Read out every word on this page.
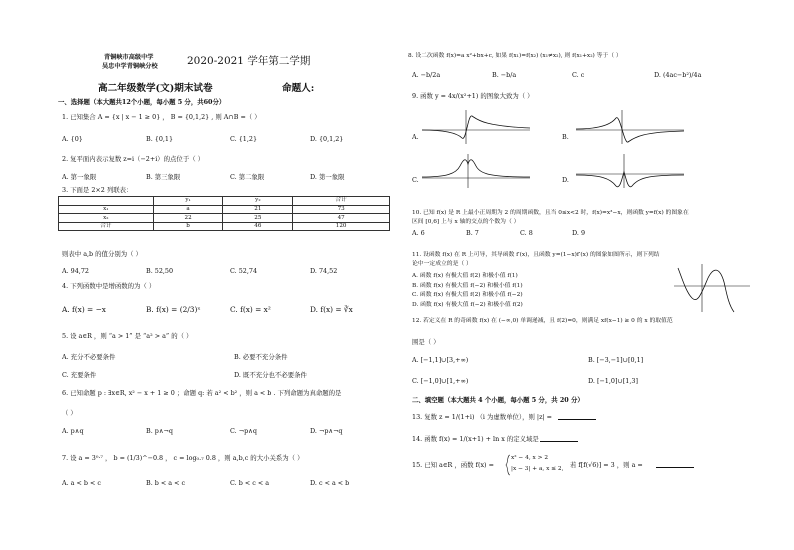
青铜峡市高级中学
吴忠中学青铜峡分校	2020-2021 学年第二学期
高二年级数学(文)期末试卷	命题人:
一、选择题（本大题共12个小题，每小题 5 分，共60分）
1. 已知集合 A = {x | x − 1 ≥ 0} ， B = {0,1,2} , 则 A∩B =（ ）
A. {0}	B. {0,1}	C. {1,2}	D. {0,1,2}
2. 复平面内表示复数 z=i（−2+i）的点位于（ ）
A. 第一象限	B. 第三象限	C. 第二象限	D. 第一象限
3. 下面是 2×2 列联表：
	y₁	y₂	合计
x₁	a	21	73
x₂	22	25	47
合计	b	46	120
则表中 a,b 的值分别为（ ）
A. 94,72	B. 52,50	C. 52,74	D. 74,52
4. 下列函数中是增函数的为（ ）
A. f(x) = −x	B. f(x) = (2/3)ˣ	C. f(x) = x²	D. f(x) = ∛x
5. 设 a∈R ，则 “a > 1” 是 “a² > a” 的（ ）
A. 充分不必要条件	B. 必要不充分条件
C. 充要条件	D. 既不充分也不必要条件
6. 已知命题 p : ∃x∈R, x² − x + 1 ≥ 0 ；命题 q: 若 a² < b² ，则 a < b . 下列命题为真命题的是
（ ）
A. p∧q	B. p∧¬q	C. ¬p∧q	D. ¬p∧¬q
7. 设 a = 3⁰·⁷ ， b = (1/3)^−0.8 ， c = log₀.₇ 0.8 ，则 a,b,c 的大小关系为（ ）
A. a < b < c	B. b < a < c	C. b < c < a	D. c < a < b
8. 设二次函数 f(x)=a x²+bx+c, 如果 f(x₁)=f(x₂) (x₁≠x₂), 则 f(x₁+x₂) 等于（ ）
A. −b/2a	B. −b/a	C. c	D. (4ac−b²)/4a
9. 函数 y = 4x/(x²+1) 的图象大致为（ ）
A.	B.
C.	D.
10. 已知 f(x) 是 R 上最小正周期为 2 的周期函数，且当 0≤x<2 时，f(x)=x³−x，则函数 y=f(x) 的图象在
区间 [0,6] 上与 x 轴的交点的个数为（ ）
A. 6	B. 7	C. 8	D. 9
11. 设函数 f(x) 在 R 上可导，其导函数 f′(x)，且函数 y=(1−x)f′(x) 的图象如图所示，则下列结
论中一定成立的是（ ）
A. 函数 f(x) 有极大值 f(2) 和极小值 f(1)
B. 函数 f(x) 有极大值 f(−2) 和极小值 f(1)
C. 函数 f(x) 有极大值 f(2) 和极小值 f(−2)
D. 函数 f(x) 有极大值 f(−2) 和极小值 f(2)
12. 若定义在 R 的奇函数 f(x) 在 (−∞,0) 单调递减，且 f(2)=0，则满足 xf(x−1) ≥ 0 的 x 的取值范
围是（ ）
A. [−1,1]∪[3,+∞)	B. [−3,−1]∪[0,1]
C. [−1,0]∪[1,+∞)	D. [−1,0]∪[1,3]
二、填空题（本大题共 4 个小题，每小题 5 分，共 20 分）
13. 复数 z = 1/(1+i) （i 为虚数单位），则 |z| =
14. 函数 f(x) = 1/(x+1) + ln x 的定义域是
15. 已知 a∈R ，函数 f(x) =
x² − 4, x > 2
|x − 3| + a, x ≤ 2, 若 f[f(√6)] = 3 ，则 a =
